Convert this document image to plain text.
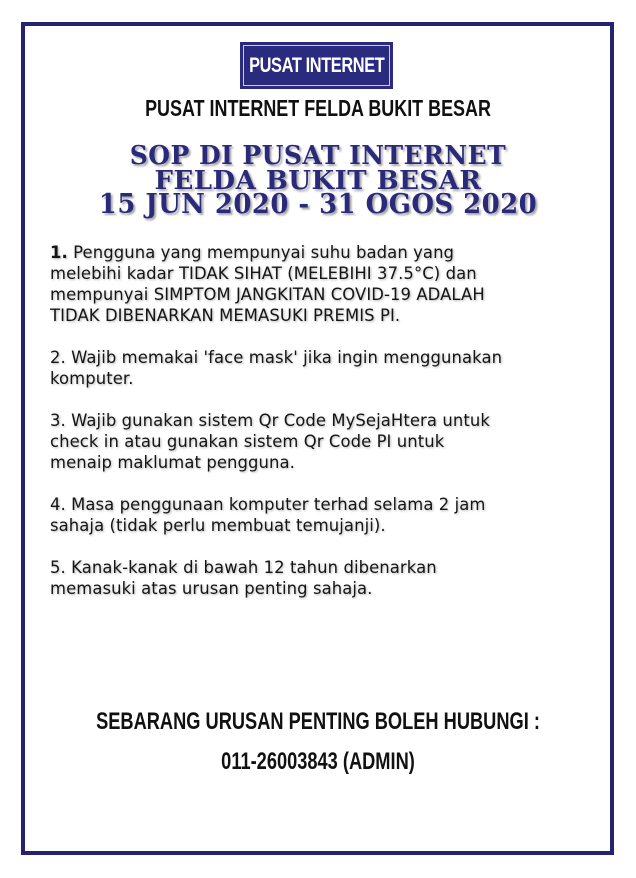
PUSAT INTERNET
PUSAT INTERNET FELDA BUKIT BESAR
SOP DI PUSAT INTERNET
FELDA BUKIT BESAR
15 JUN 2020 - 31 OGOS 2020
1. Pengguna yang mempunyai suhu badan yang
melebihi kadar TIDAK SIHAT (MELEBIHI 37.5°C) dan
mempunyai SIMPTOM JANGKITAN COVID-19 ADALAH
TIDAK DIBENARKAN MEMASUKI PREMIS PI.
2. Wajib memakai 'face mask' jika ingin menggunakan
komputer.
3. Wajib gunakan sistem Qr Code MySejaHtera untuk
check in atau gunakan sistem Qr Code PI untuk
menaip maklumat pengguna.
4. Masa penggunaan komputer terhad selama 2 jam
sahaja (tidak perlu membuat temujanji).
5. Kanak-kanak di bawah 12 tahun dibenarkan
memasuki atas urusan penting sahaja.
SEBARANG URUSAN PENTING BOLEH HUBUNGI :
011-26003843 (ADMIN)
